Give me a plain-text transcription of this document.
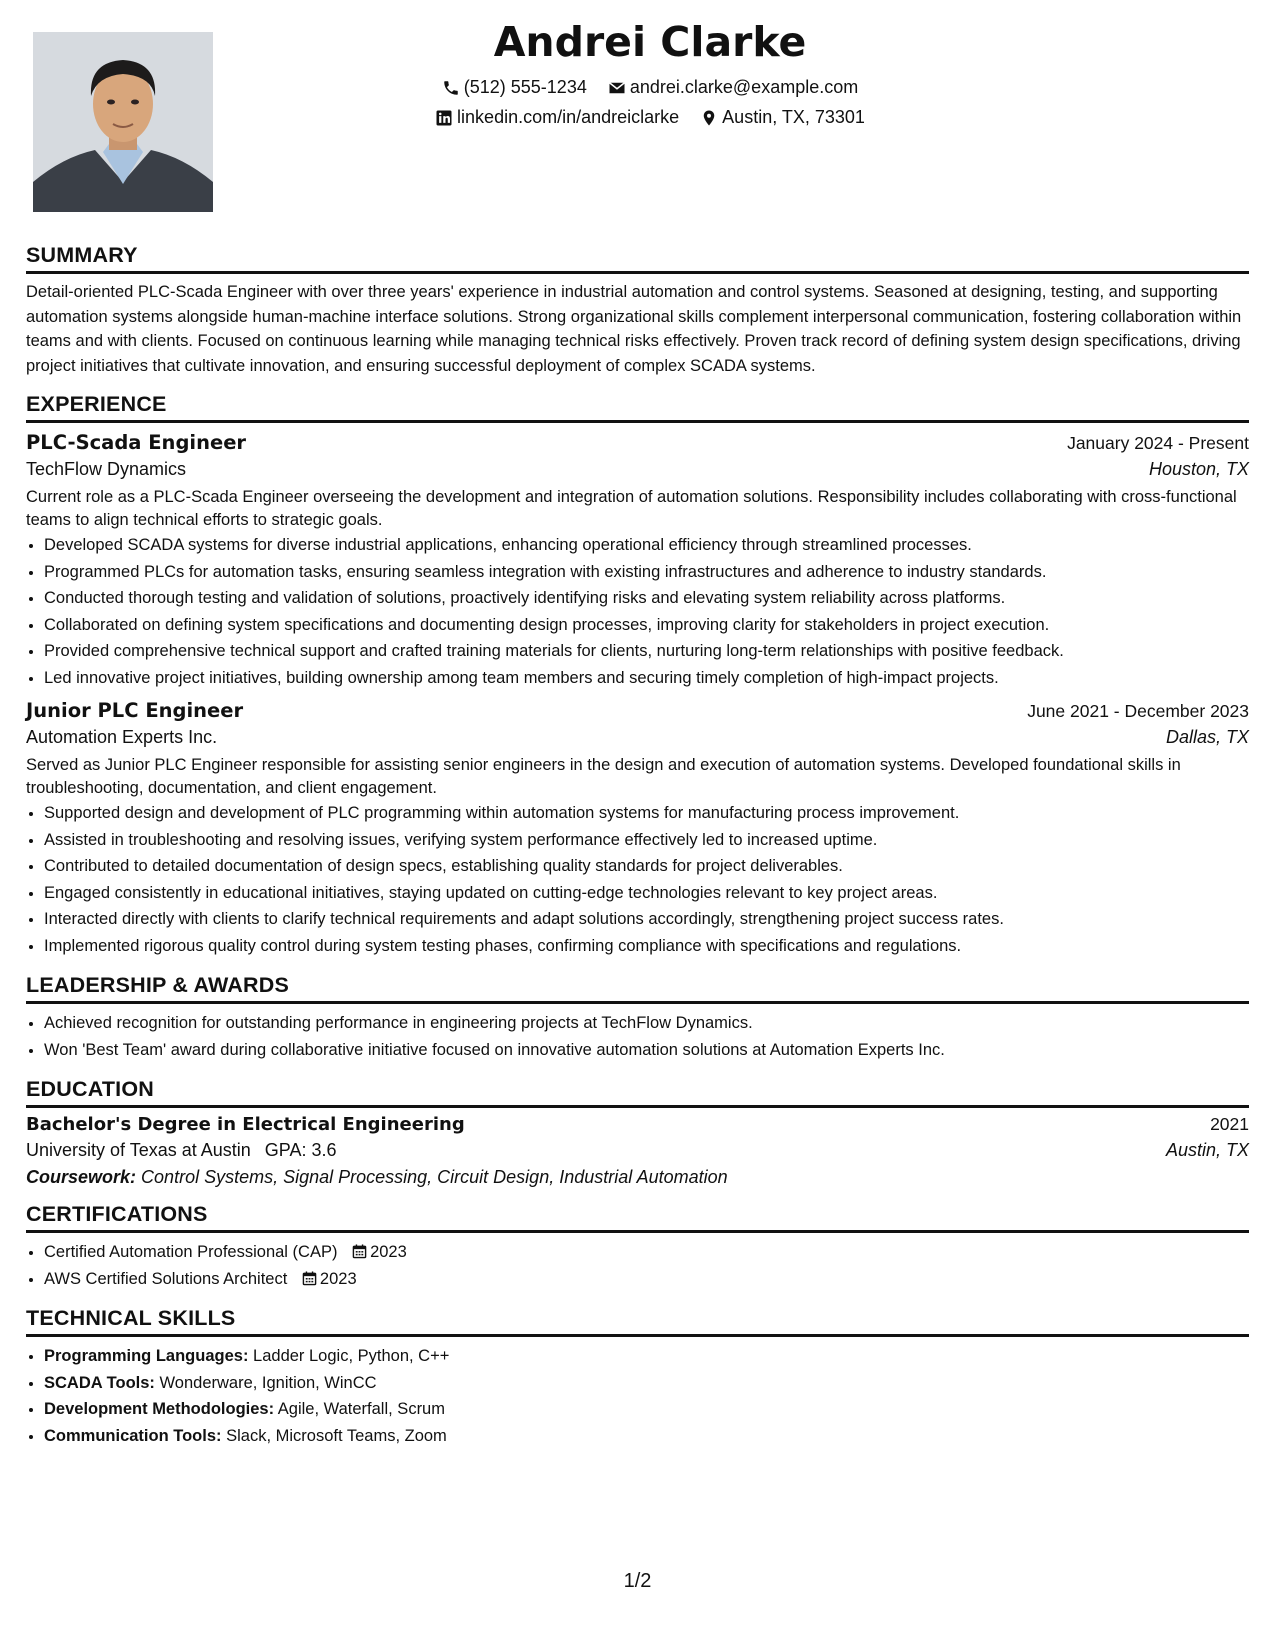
Andrei Clarke
(512) 555-1234
andrei.clarke@example.com
linkedin.com/in/andreiclarke
Austin, TX, 73301
SUMMARY
Detail-oriented PLC-Scada Engineer with over three years' experience in industrial automation and control systems. Seasoned at designing, testing, and supporting automation systems alongside human-machine interface solutions. Strong organizational skills complement interpersonal communication, fostering collaboration within teams and with clients. Focused on continuous learning while managing technical risks effectively. Proven track record of defining system design specifications, driving project initiatives that cultivate innovation, and ensuring successful deployment of complex SCADA systems.
EXPERIENCE
PLC-Scada Engineer	January 2024 - Present
TechFlow Dynamics	Houston, TX
Current role as a PLC-Scada Engineer overseeing the development and integration of automation solutions. Responsibility includes collaborating with cross-functional teams to align technical efforts to strategic goals.
• Developed SCADA systems for diverse industrial applications, enhancing operational efficiency through streamlined processes.
• Programmed PLCs for automation tasks, ensuring seamless integration with existing infrastructures and adherence to industry standards.
• Conducted thorough testing and validation of solutions, proactively identifying risks and elevating system reliability across platforms.
• Collaborated on defining system specifications and documenting design processes, improving clarity for stakeholders in project execution.
• Provided comprehensive technical support and crafted training materials for clients, nurturing long-term relationships with positive feedback.
• Led innovative project initiatives, building ownership among team members and securing timely completion of high-impact projects.
Junior PLC Engineer	June 2021 - December 2023
Automation Experts Inc.	Dallas, TX
Served as Junior PLC Engineer responsible for assisting senior engineers in the design and execution of automation systems. Developed foundational skills in troubleshooting, documentation, and client engagement.
• Supported design and development of PLC programming within automation systems for manufacturing process improvement.
• Assisted in troubleshooting and resolving issues, verifying system performance effectively led to increased uptime.
• Contributed to detailed documentation of design specs, establishing quality standards for project deliverables.
• Engaged consistently in educational initiatives, staying updated on cutting-edge technologies relevant to key project areas.
• Interacted directly with clients to clarify technical requirements and adapt solutions accordingly, strengthening project success rates.
• Implemented rigorous quality control during system testing phases, confirming compliance with specifications and regulations.
LEADERSHIP & AWARDS
• Achieved recognition for outstanding performance in engineering projects at TechFlow Dynamics.
• Won 'Best Team' award during collaborative initiative focused on innovative automation solutions at Automation Experts Inc.
EDUCATION
Bachelor's Degree in Electrical Engineering	2021
University of Texas at Austin GPA: 3.6	Austin, TX
Coursework: Control Systems, Signal Processing, Circuit Design, Industrial Automation
CERTIFICATIONS
• Certified Automation Professional (CAP) 2023
• AWS Certified Solutions Architect 2023
TECHNICAL SKILLS
• Programming Languages: Ladder Logic, Python, C++
• SCADA Tools: Wonderware, Ignition, WinCC
• Development Methodologies: Agile, Waterfall, Scrum
• Communication Tools: Slack, Microsoft Teams, Zoom
1/2
